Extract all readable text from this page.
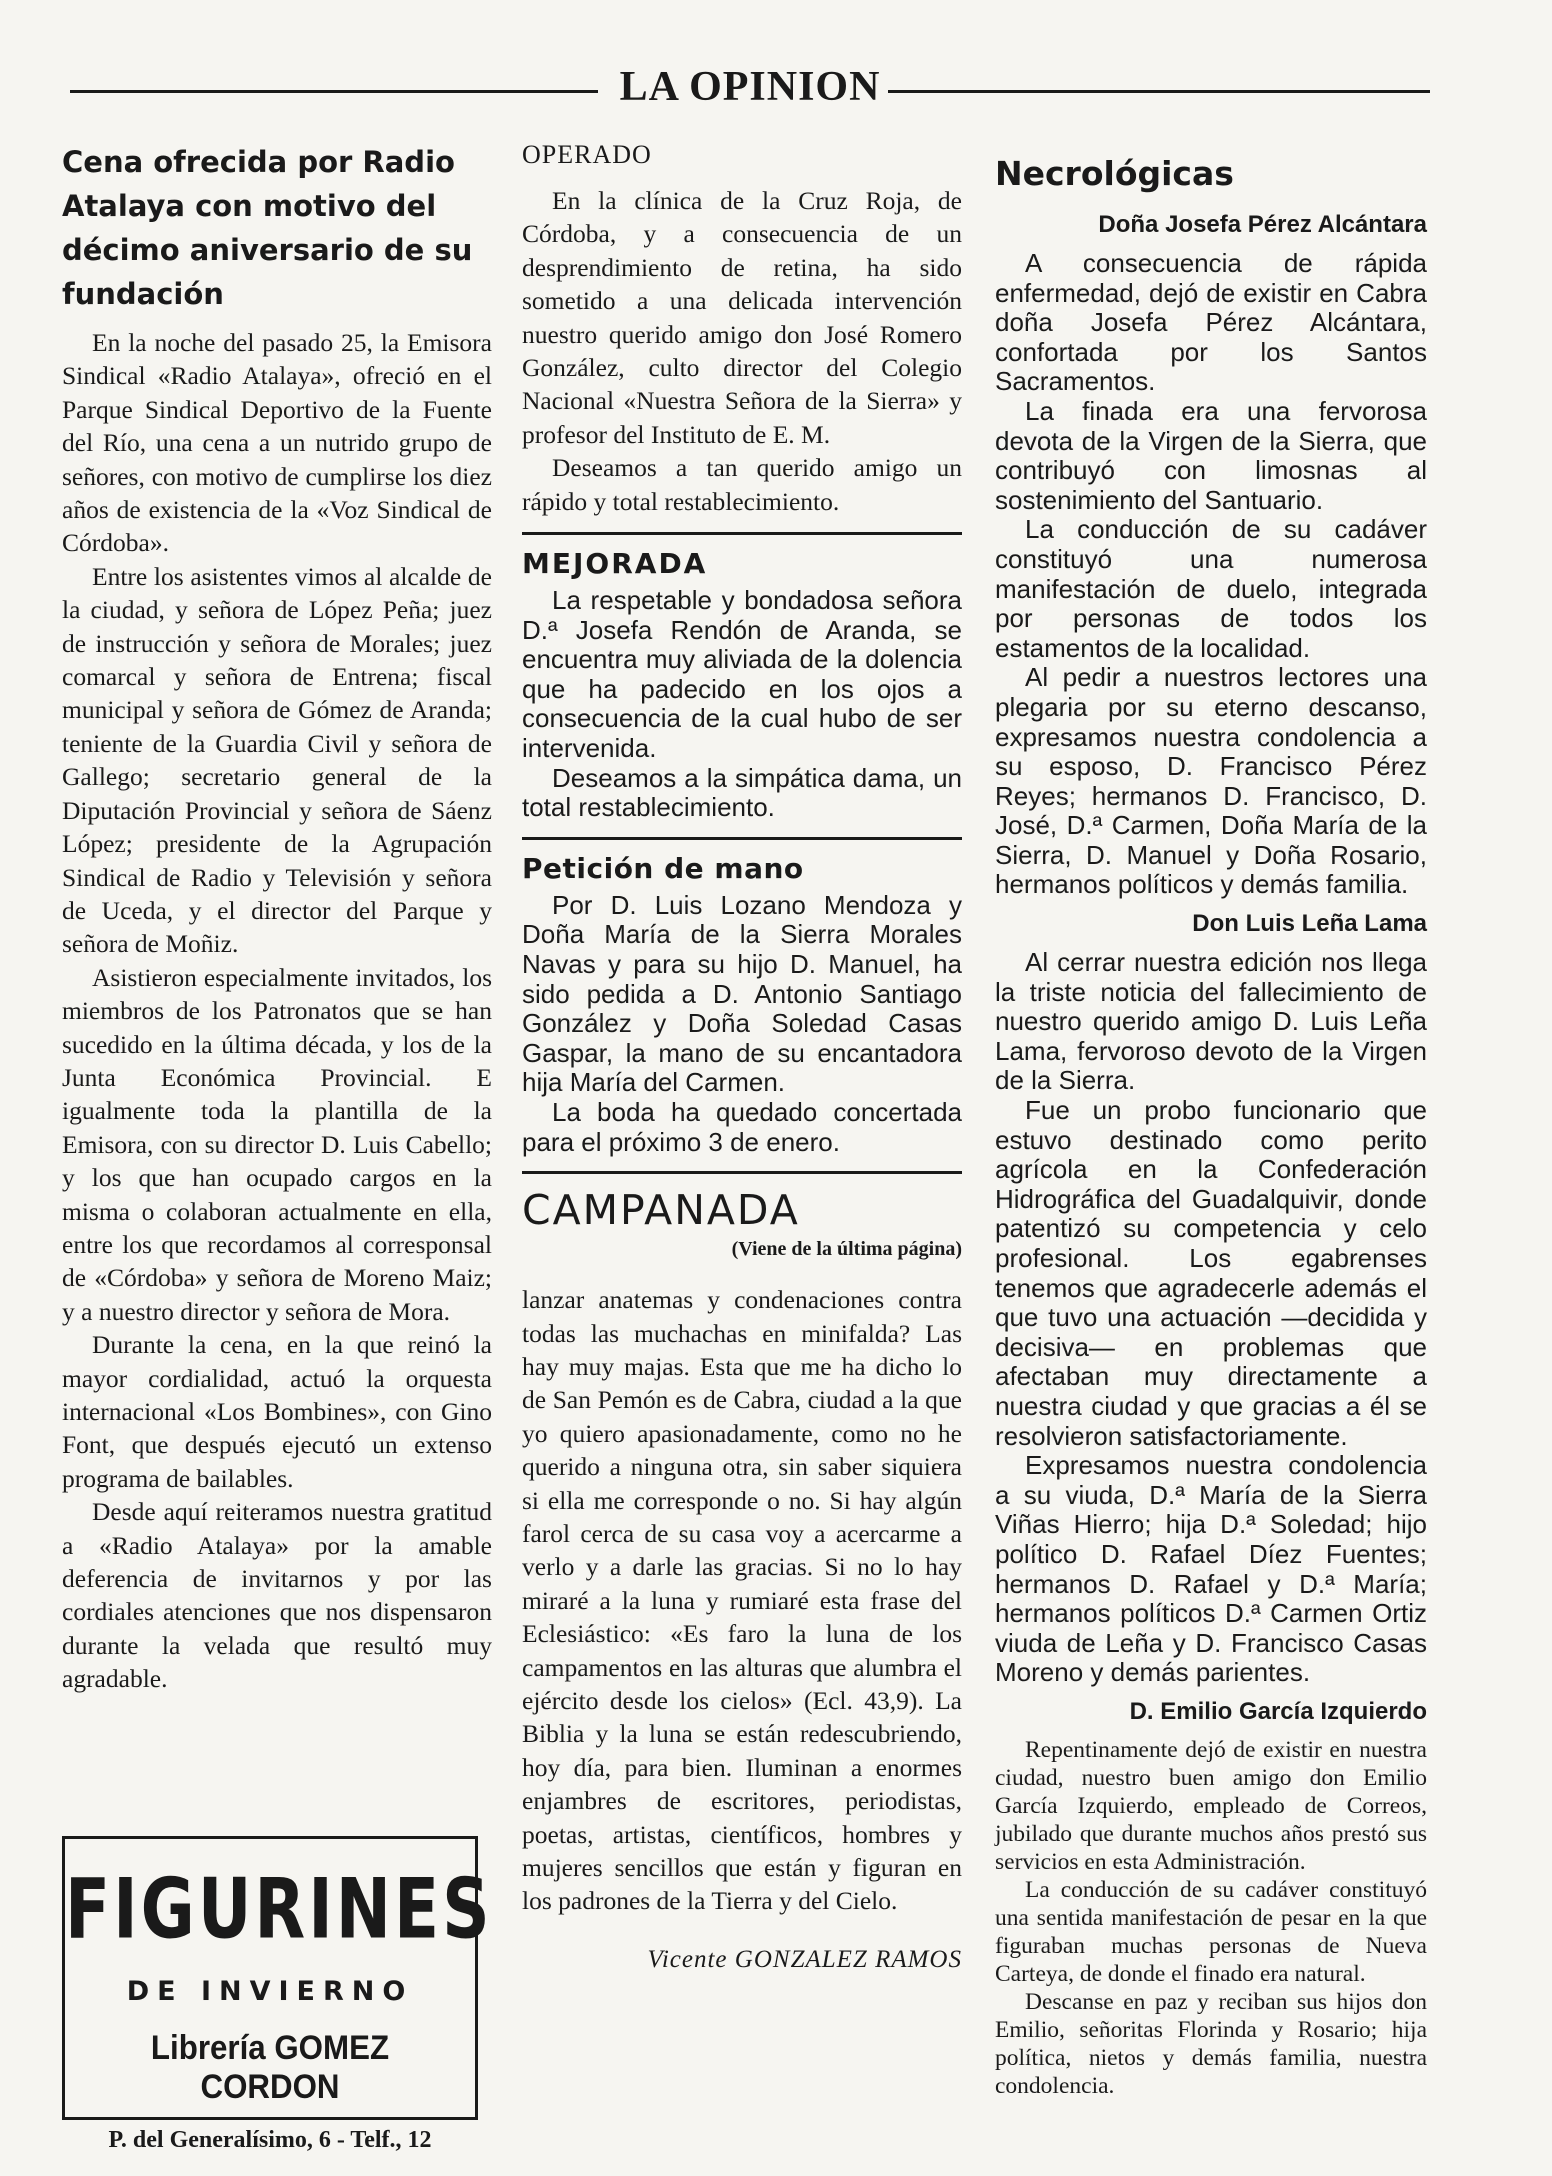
LA OPINION
Cena ofrecida por Radio Atalaya con motivo del décimo aniversario de su fundación

En la noche del pasado 25, la Emisora Sindical «Radio Atalaya», ofreció en el Parque Sindical Deportivo de la Fuente del Río, una cena a un nutrido grupo de señores, con motivo de cumplirse los diez años de existencia de la «Voz Sindical de Córdoba».

Entre los asistentes vimos al alcalde de la ciudad, y señora de López Peña; juez de instrucción y señora de Morales; juez comarcal y señora de Entrena; fiscal municipal y señora de Gómez de Aranda; teniente de la Guardia Civil y señora de Gallego; secretario general de la Diputación Provincial y señora de Sáenz López; presidente de la Agrupación Sindical de Radio y Televisión y señora de Uceda, y el director del Parque y señora de Moñiz.

Asistieron especialmente invitados, los miembros de los Patronatos que se han sucedido en la última década, y los de la Junta Económica Provincial. E igualmente toda la plantilla de la Emisora, con su director D. Luis Cabello; y los que han ocupado cargos en la misma o colaboran actualmente en ella, entre los que recordamos al corresponsal de «Córdoba» y señora de Moreno Maiz; y a nuestro director y señora de Mora.

Durante la cena, en la que reinó la mayor cordialidad, actuó la orquesta internacional «Los Bombines», con Gino Font, que después ejecutó un extenso programa de bailables.

Desde aquí reiteramos nuestra gratitud a «Radio Atalaya» por la amable deferencia de invitarnos y por las cordiales atenciones que nos dispensaron durante la velada que resultó muy agradable.

FIGURINES
DE INVIERNO
Librería GOMEZ CORDON
P. del Generalísimo, 6 - Telf., 12
OPERADO

En la clínica de la Cruz Roja, de Córdoba, y a consecuencia de un desprendimiento de retina, ha sido sometido a una delicada intervención nuestro querido amigo don José Romero González, culto director del Colegio Nacional «Nuestra Señora de la Sierra» y profesor del Instituto de E. M.

Deseamos a tan querido amigo un rápido y total restablecimiento.

MEJORADA

La respetable y bondadosa señora D.ª Josefa Rendón de Aranda, se encuentra muy aliviada de la dolencia que ha padecido en los ojos a consecuencia de la cual hubo de ser intervenida.

Deseamos a la simpática dama, un total restablecimiento.

Petición de mano

Por D. Luis Lozano Mendoza y Doña María de la Sierra Morales Navas y para su hijo D. Manuel, ha sido pedida a D. Antonio Santiago González y Doña Soledad Casas Gaspar, la mano de su encantadora hija María del Carmen.

La boda ha quedado concertada para el próximo 3 de enero.

CAMPANADA
(Viene de la última página)

lanzar anatemas y condenaciones contra todas las muchachas en minifalda? Las hay muy majas. Esta que me ha dicho lo de San Pemón es de Cabra, ciudad a la que yo quiero apasionadamente, como no he querido a ninguna otra, sin saber siquiera si ella me corresponde o no. Si hay algún farol cerca de su casa voy a acercarme a verlo y a darle las gracias. Si no lo hay miraré a la luna y rumiaré esta frase del Eclesiástico: «Es faro la luna de los campamentos en las alturas que alumbra el ejército desde los cielos» (Ecl. 43,9). La Biblia y la luna se están redescubriendo, hoy día, para bien. Iluminan a enormes enjambres de escritores, periodistas, poetas, artistas, científicos, hombres y mujeres sencillos que están y figuran en los padrones de la Tierra y del Cielo.

Vicente GONZALEZ RAMOS
Necrológicas
Doña Josefa Pérez Alcántara

A consecuencia de rápida enfermedad, dejó de existir en Cabra doña Josefa Pérez Alcántara, confortada por los Santos Sacramentos.

La finada era una fervorosa devota de la Virgen de la Sierra, que contribuyó con limosnas al sostenimiento del Santuario.

La conducción de su cadáver constituyó una numerosa manifestación de duelo, integrada por personas de todos los estamentos de la localidad.

Al pedir a nuestros lectores una plegaria por su eterno descanso, expresamos nuestra condolencia a su esposo, D. Francisco Pérez Reyes; hermanos D. Francisco, D. José, D.ª Carmen, Doña María de la Sierra, D. Manuel y Doña Rosario, hermanos políticos y demás familia.

Don Luis Leña Lama

Al cerrar nuestra edición nos llega la triste noticia del fallecimiento de nuestro querido amigo D. Luis Leña Lama, fervoroso devoto de la Virgen de la Sierra.

Fue un probo funcionario que estuvo destinado como perito agrícola en la Confederación Hidrográfica del Guadalquivir, donde patentizó su competencia y celo profesional. Los egabrenses tenemos que agradecerle además el que tuvo una actuación —decidida y decisiva— en problemas que afectaban muy directamente a nuestra ciudad y que gracias a él se resolvieron satisfactoriamente.

Expresamos nuestra condolencia a su viuda, D.ª María de la Sierra Viñas Hierro; hija D.ª Soledad; hijo político D. Rafael Díez Fuentes; hermanos D. Rafael y D.ª María; hermanos políticos D.ª Carmen Ortiz viuda de Leña y D. Francisco Casas Moreno y demás parientes.

D. Emilio García Izquierdo

Repentinamente dejó de existir en nuestra ciudad, nuestro buen amigo don Emilio García Izquierdo, empleado de Correos, jubilado que durante muchos años prestó sus servicios en esta Administración.

La conducción de su cadáver constituyó una sentida manifestación de pesar en la que figuraban muchas personas de Nueva Carteya, de donde el finado era natural.

Descanse en paz y reciban sus hijos don Emilio, señoritas Florinda y Rosario; hija política, nietos y demás familia, nuestra condolencia.
